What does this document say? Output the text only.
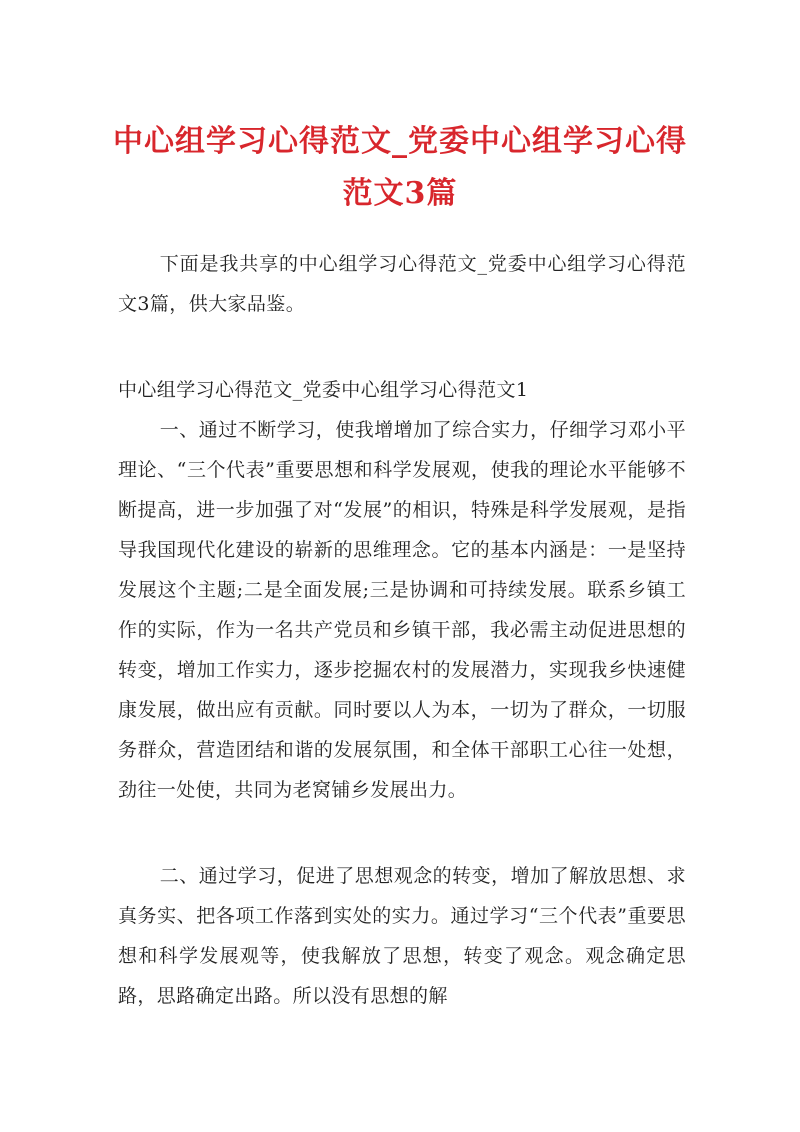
中心组学习心得范文_党委中心组学习心得范文3篇
下面是我共享的中心组学习心得范文_党委中心组学习心得范文3篇，供大家品鉴。
中心组学习心得范文_党委中心组学习心得范文1
一、通过不断学习，使我增增加了综合实力，仔细学习邓小平理论、“三个代表”重要思想和科学发展观，使我的理论水平能够不断提高，进一步加强了对“发展”的相识，特殊是科学发展观，是指导我国现代化建设的崭新的思维理念。它的基本内涵是：一是坚持发展这个主题;二是全面发展;三是协调和可持续发展。联系乡镇工作的实际，作为一名共产党员和乡镇干部，我必需主动促进思想的转变，增加工作实力，逐步挖掘农村的发展潜力，实现我乡快速健康发展，做出应有贡献。同时要以人为本，一切为了群众，一切服务群众，营造团结和谐的发展氛围，和全体干部职工心往一处想，劲往一处使，共同为老窝铺乡发展出力。
二、通过学习，促进了思想观念的转变，增加了解放思想、求真务实、把各项工作落到实处的实力。通过学习“三个代表”重要思想和科学发展观等，使我解放了思想，转变了观念。观念确定思路，思路确定出路。所以没有思想的解
